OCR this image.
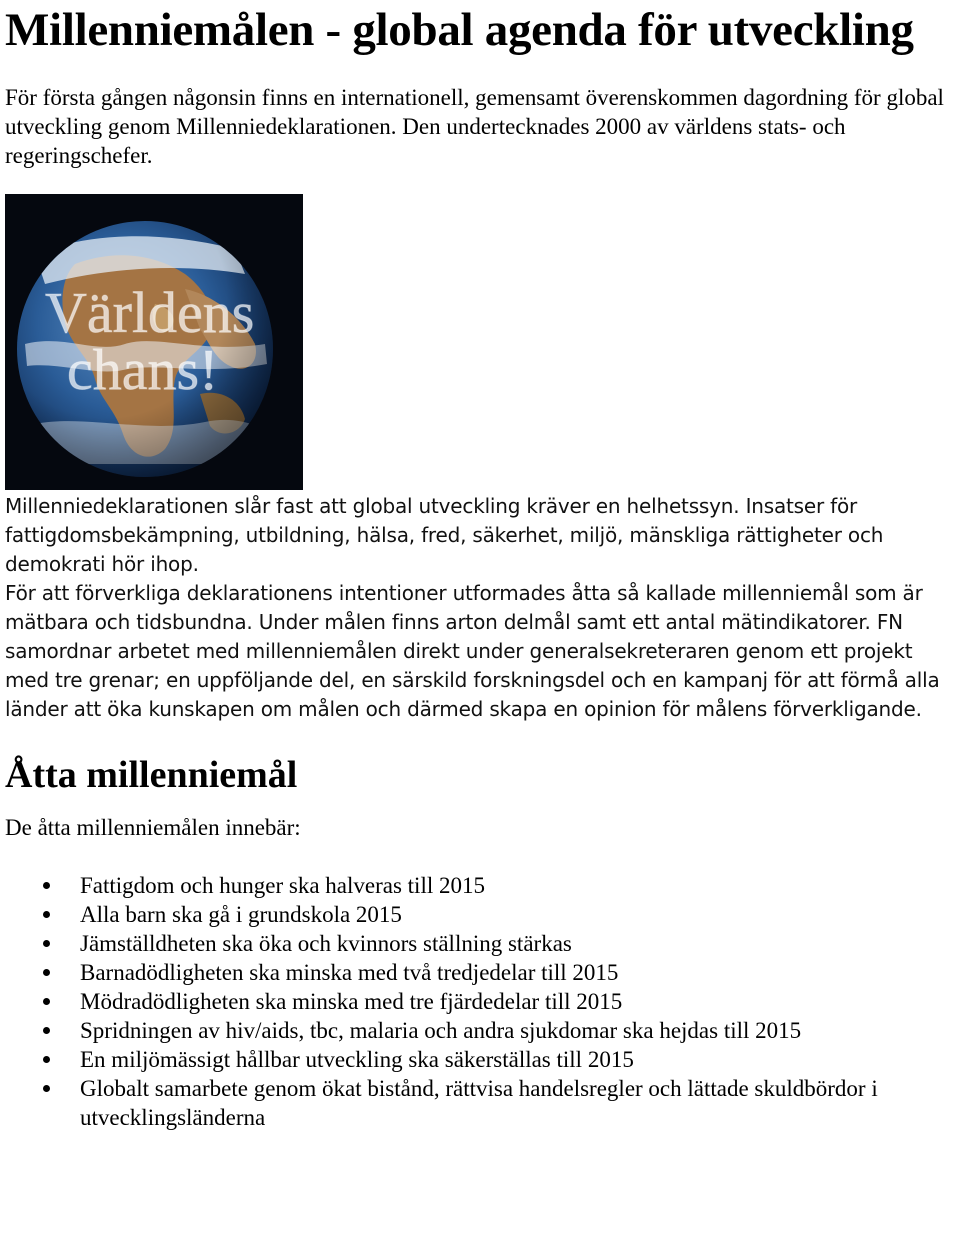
Millenniemålen - global agenda för utveckling

För första gången någonsin finns en internationell, gemensamt överenskommen dagordning för global utveckling genom Millenniedeklarationen. Den undertecknades 2000 av världens stats- och regeringschefer.

Världens
chans!

Millenniedeklarationen slår fast att global utveckling kräver en helhetssyn. Insatser för fattigdomsbekämpning, utbildning, hälsa, fred, säkerhet, miljö, mänskliga rättigheter och demokrati hör ihop.

För att förverkliga deklarationens intentioner utformades åtta så kallade millenniemål som är mätbara och tidsbundna. Under målen finns arton delmål samt ett antal mätindikatorer. FN samordnar arbetet med millenniemålen direkt under generalsekreteraren genom ett projekt med tre grenar; en uppföljande del, en särskild forskningsdel och en kampanj för att förmå alla länder att öka kunskapen om målen och därmed skapa en opinion för målens förverkligande.

Åtta millenniemål

De åtta millenniemålen innebär:

Fattigdom och hunger ska halveras till 2015
Alla barn ska gå i grundskola 2015
Jämställdheten ska öka och kvinnors ställning stärkas
Barnadödligheten ska minska med två tredjedelar till 2015
Mödradödligheten ska minska med tre fjärdedelar till 2015
Spridningen av hiv/aids, tbc, malaria och andra sjukdomar ska hejdas till 2015
En miljömässigt hållbar utveckling ska säkerställas till 2015
Globalt samarbete genom ökat bistånd, rättvisa handelsregler och lättade skuldbördor i utvecklingsländerna
